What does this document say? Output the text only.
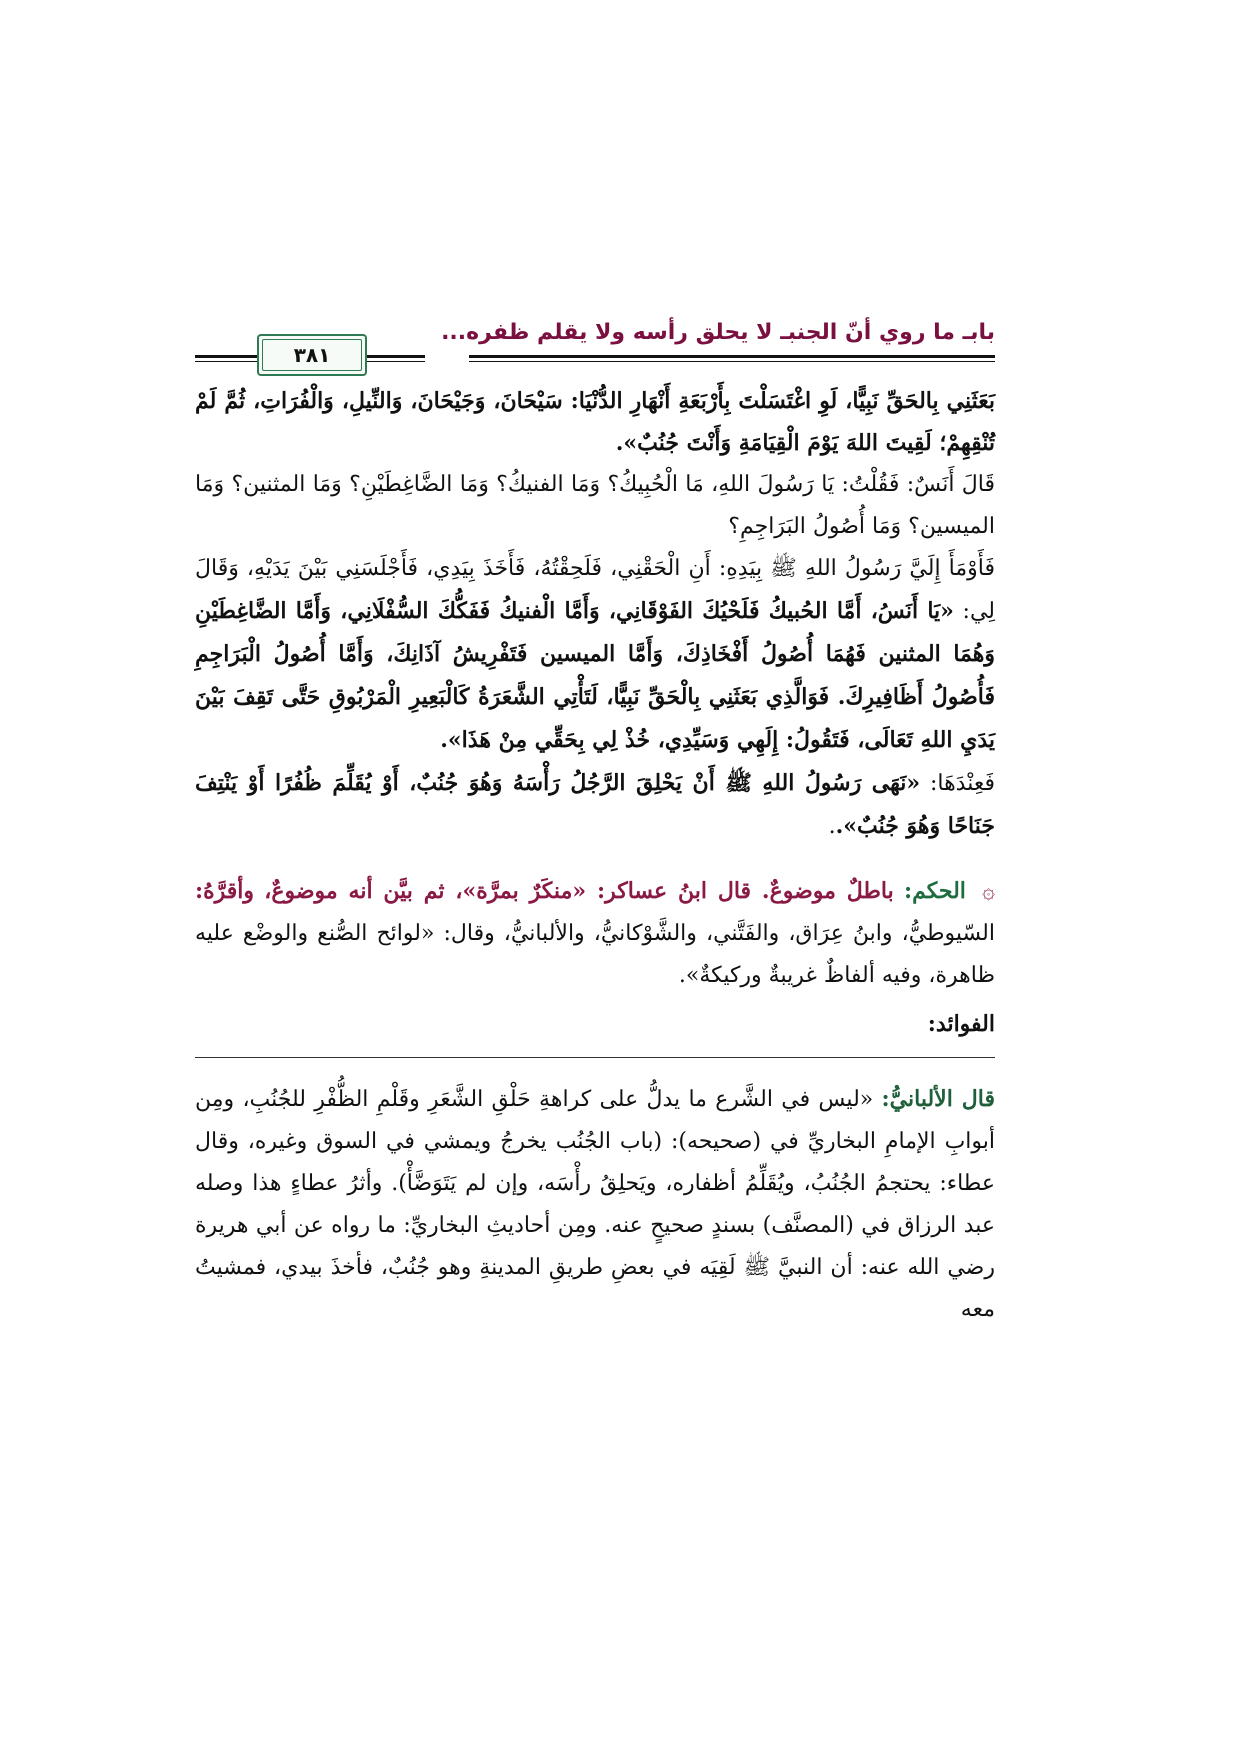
بابـ ما روي أنّ الجنبـ لا يحلق رأسه ولا يقلم ظفره...
٣٨١

بَعَثَنِي بِالحَقِّ نَبِيًّا، لَوِ اغْتَسَلْتَ بِأَرْبَعَةِ أَنْهَارِ الدُّنْيَا: سَيْحَانَ، وَجَيْحَانَ، وَالنِّيلِ، وَالْفُرَاتِ، ثُمَّ لَمْ تُنْقِهِمْ؛ لَقِيتَ اللهَ يَوْمَ الْقِيَامَةِ وَأَنْتَ جُنُبٌ».

قَالَ أَنَسٌ: فَقُلْتُ: يَا رَسُولَ اللهِ، مَا الْحُبِيكُ؟ وَمَا الفنيكُ؟ وَمَا الضَّاغِطَيْنِ؟ وَمَا المثنين؟ وَمَا الميسين؟ وَمَا أُصُولُ البَرَاجِمِ؟

فَأَوْمَأَ إِلَيَّ رَسُولُ اللهِ ﷺ بِيَدِهِ: أَنِ الْحَقْنِي، فَلَحِقْتُهُ، فَأَخَذَ بِيَدِي، فَأَجْلَسَنِي بَيْنَ يَدَيْهِ، وَقَالَ لِي: «يَا أَنَسُ، أَمَّا الحُبيكُ فَلَحْيُكَ الفَوْقَانِي، وَأَمَّا الْفنيكُ فَفَكُّكَ السُّفْلَانِي، وَأَمَّا الضَّاغِطَيْنِ وَهُمَا المثنين فَهُمَا أُصُولُ أَفْخَاذِكَ، وَأَمَّا الميسين فَتَفْرِيشُ آذَانِكَ، وَأَمَّا أُصُولُ الْبَرَاجِمِ فَأُصُولُ أَظَافِيرِكَ. فَوَالَّذِي بَعَثَنِي بِالْحَقِّ نَبِيًّا، لَتَأْتِي الشَّعَرَةُ كَالْبَعِيرِ الْمَرْبُوقِ حَتَّى تَقِفَ بَيْنَ يَدَيِ اللهِ تَعَالَى، فَتَقُولُ: إِلَهِي وَسَيِّدِي، خُذْ لِي بِحَقِّي مِنْ هَذَا».

فَعِنْدَهَا: «نَهَى رَسُولُ اللهِ ﷺ أَنْ يَحْلِقَ الرَّجُلُ رَأْسَهُ وَهُوَ جُنُبٌ، أَوْ يُقَلِّمَ ظُفُرًا أَوْ يَنْتِفَ جَنَاحًا وَهُوَ جُنُبٌ»..

۞ الحكم: باطلٌ موضوعٌ. قال ابنُ عساكر: «منكَرٌ بمرَّة»، ثم بيَّن أنه موضوعٌ، وأقرَّهُ: السّيوطيُّ، وابنُ عِرَاق، والفَتَّني، والشَّوْكانيُّ، والألبانيُّ، وقال: «لوائح الصُّنع والوضْع عليه ظاهرة، وفيه ألفاظٌ غريبةٌ وركيكةٌ».

الفوائد:

قال الألبانيُّ: «ليس في الشَّرع ما يدلُّ على كراهةِ حَلْقِ الشَّعَرِ وقَلْمِ الظُّفْرِ للجُنُبِ، ومِن أبوابِ الإمامِ البخاريِّ في (صحيحه): (باب الجُنُب يخرجُ ويمشي في السوق وغيره، وقال عطاء: يحتجمُ الجُنُبُ، ويُقَلِّمُ أظفاره، ويَحلِقُ رأْسَه، وإن لم يَتَوَضَّأْ). وأثرُ عطاءٍ هذا وصله عبد الرزاق في (المصنَّف) بسندٍ صحيحٍ عنه. ومِن أحاديثِ البخاريِّ: ما رواه عن أبي هريرة رضي الله عنه: أن النبيَّ ﷺ لَقِيَه في بعضِ طريقِ المدينةِ وهو جُنُبٌ، فأخذَ بيدي، فمشيتُ معه
